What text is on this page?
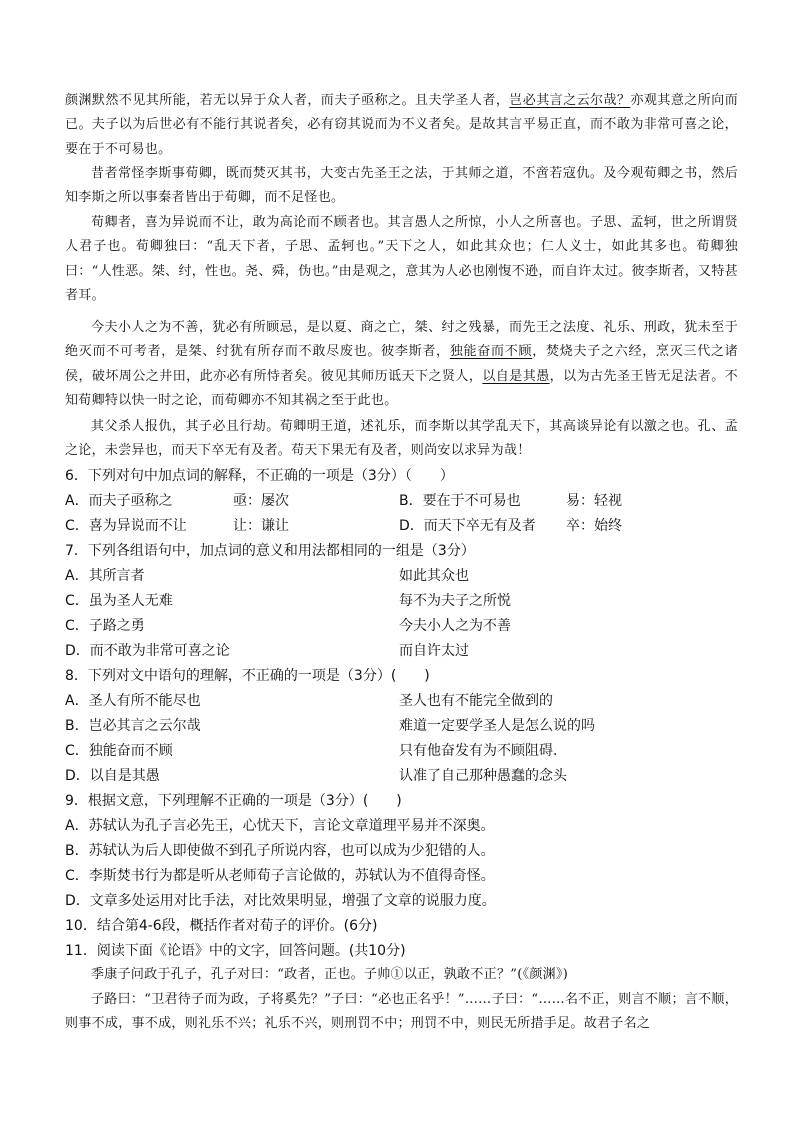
颜渊默然不见其所能，若无以异于众人者，而夫子亟称之。且夫学圣人者，岂必其言之云尔哉？亦观其意之所向而已。夫子以为后世必有不能行其说者矣，必有窃其说而为不义者矣。是故其言平易正直，而不敢为非常可喜之论，要在于不可易也。
昔者常怪李斯事荀卿，既而焚灭其书，大变古先圣王之法，于其师之道，不啻若寇仇。及今观荀卿之书，然后知李斯之所以事秦者皆出于荀卿，而不足怪也。
荀卿者，喜为异说而不让，敢为高论而不顾者也。其言愚人之所惊，小人之所喜也。子思、孟轲，世之所谓贤人君子也。荀卿独曰：“乱天下者，子思、孟轲也。”天下之人，如此其众也；仁人义士，如此其多也。荀卿独曰：“人性恶。桀、纣，性也。尧、舜，伪也。”由是观之，意其为人必也刚愎不逊，而自许太过。彼李斯者，又特甚者耳。
今夫小人之为不善，犹必有所顾忌，是以夏、商之亡，桀、纣之残暴，而先王之法度、礼乐、刑政，犹未至于绝灭而不可考者，是桀、纣犹有所存而不敢尽废也。彼李斯者，独能奋而不顾，焚烧夫子之六经，烹灭三代之诸侯，破坏周公之井田，此亦必有所恃者矣。彼见其师历诋天下之贤人，以自是其愚，以为古先圣王皆无足法者。不知荀卿特以快一时之论，而荀卿亦不知其祸之至于此也。
其父杀人报仇，其子必且行劫。荀卿明王道，述礼乐，而李斯以其学乱天下，其高谈异论有以激之也。孔、孟之论，未尝异也，而天下卒无有及者。苟天下果无有及者，则尚安以求异为哉！
6．下列对句中加点词的解释，不正确的一项是（3分）（　　）
A．而夫子亟称之	亟：屡次	B．要在于不可易也	易：轻视
C．喜为异说而不让	让：谦让	D．而天下卒无有及者 卒：始终
7．下列各组语句中，加点词的意义和用法都相同的一组是（3分）
A．其所言者	如此其众也
C．虽为圣人无难	每不为夫子之所悦
C．子路之勇	今夫小人之为不善
D．而不敢为非常可喜之论	而自许太过
8．下列对文中语句的理解，不正确的一项是（3分）(　　)
A．圣人有所不能尽也	圣人也有不能完全做到的
B．岂必其言之云尔哉	难道一定要学圣人是怎么说的吗
C．独能奋而不顾	只有他奋发有为不顾阻碍．
D．以自是其愚	认准了自己那种愚蠢的念头
9．根据文意，下列理解不正确的一项是（3分）(　　)
A．苏轼认为孔子言必先王，心忧天下，言论文章道理平易并不深奥。
B．苏轼认为后人即使做不到孔子所说内容，也可以成为少犯错的人。
C．李斯焚书行为都是听从老师荀子言论做的，苏轼认为不值得奇怪。
D．文章多处运用对比手法，对比效果明显，增强了文章的说服力度。
10．结合第4-6段，概括作者对荀子的评价。(6分)
11．阅读下面《论语》中的文字，回答问题。(共10分)
季康子问政于孔子，孔子对曰：“政者，正也。子帅①以正，孰敢不正？”(《颜渊》)
子路曰：“卫君待子而为政，子将奚先？”子曰：“必也正名乎！”……子曰：“……名不正，则言不顺；言不顺，则事不成，事不成，则礼乐不兴；礼乐不兴，则刑罚不中；刑罚不中，则民无所措手足。故君子名之
